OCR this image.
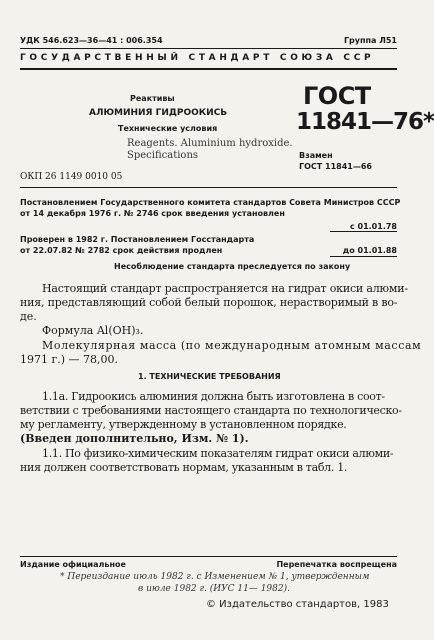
УДК 546.623—36—41 : 006.354	Группа Л51
ГОСУДАРСТВЕННЫЙ СТАНДАРТ СОЮЗА ССР
Реактивы
АЛЮМИНИЯ ГИДРООКИСЬ
Технические условия
Reagents. Aluminium hydroxide.
Specifications
ГОСТ
11841—76*
Взамен
ГОСТ 11841—66
ОКП 26 1149 0010 05
Постановлением Государственного комитета стандартов Совета Министров СССР
от 14 декабря 1976 г. № 2746 срок введения установлен
с 01.01.78
Проверен в 1982 г. Постановлением Госстандарта
от 22.07.82 № 2782 срок действия продлен	до 01.01.88
Несоблюдение стандарта преследуется по закону
Настоящий стандарт распространяется на гидрат окиси алюми-
ния, представляющий собой белый порошок, нерастворимый в во-
де.
Формула Al(OH)₃.
Молекулярная масса (по международным атомным массам
1971 г.) — 78,00.
1. ТЕХНИЧЕСКИЕ ТРЕБОВАНИЯ
1.1а. Гидроокись алюминия должна быть изготовлена в соот-
ветствии с требованиями настоящего стандарта по технологическо-
му регламенту, утвержденному в установленном порядке.
(Введен дополнительно, Изм. № 1).
1.1. По физико-химическим показателям гидрат окиси алюми-
ния должен соответствовать нормам, указанным в табл. 1.
Издание официальное	Перепечатка воспрещена
* Переиздание июль 1982 г. с Изменением № 1, утвержденным
в июле 1982 г. (ИУС 11— 1982).
© Издательство стандартов, 1983
